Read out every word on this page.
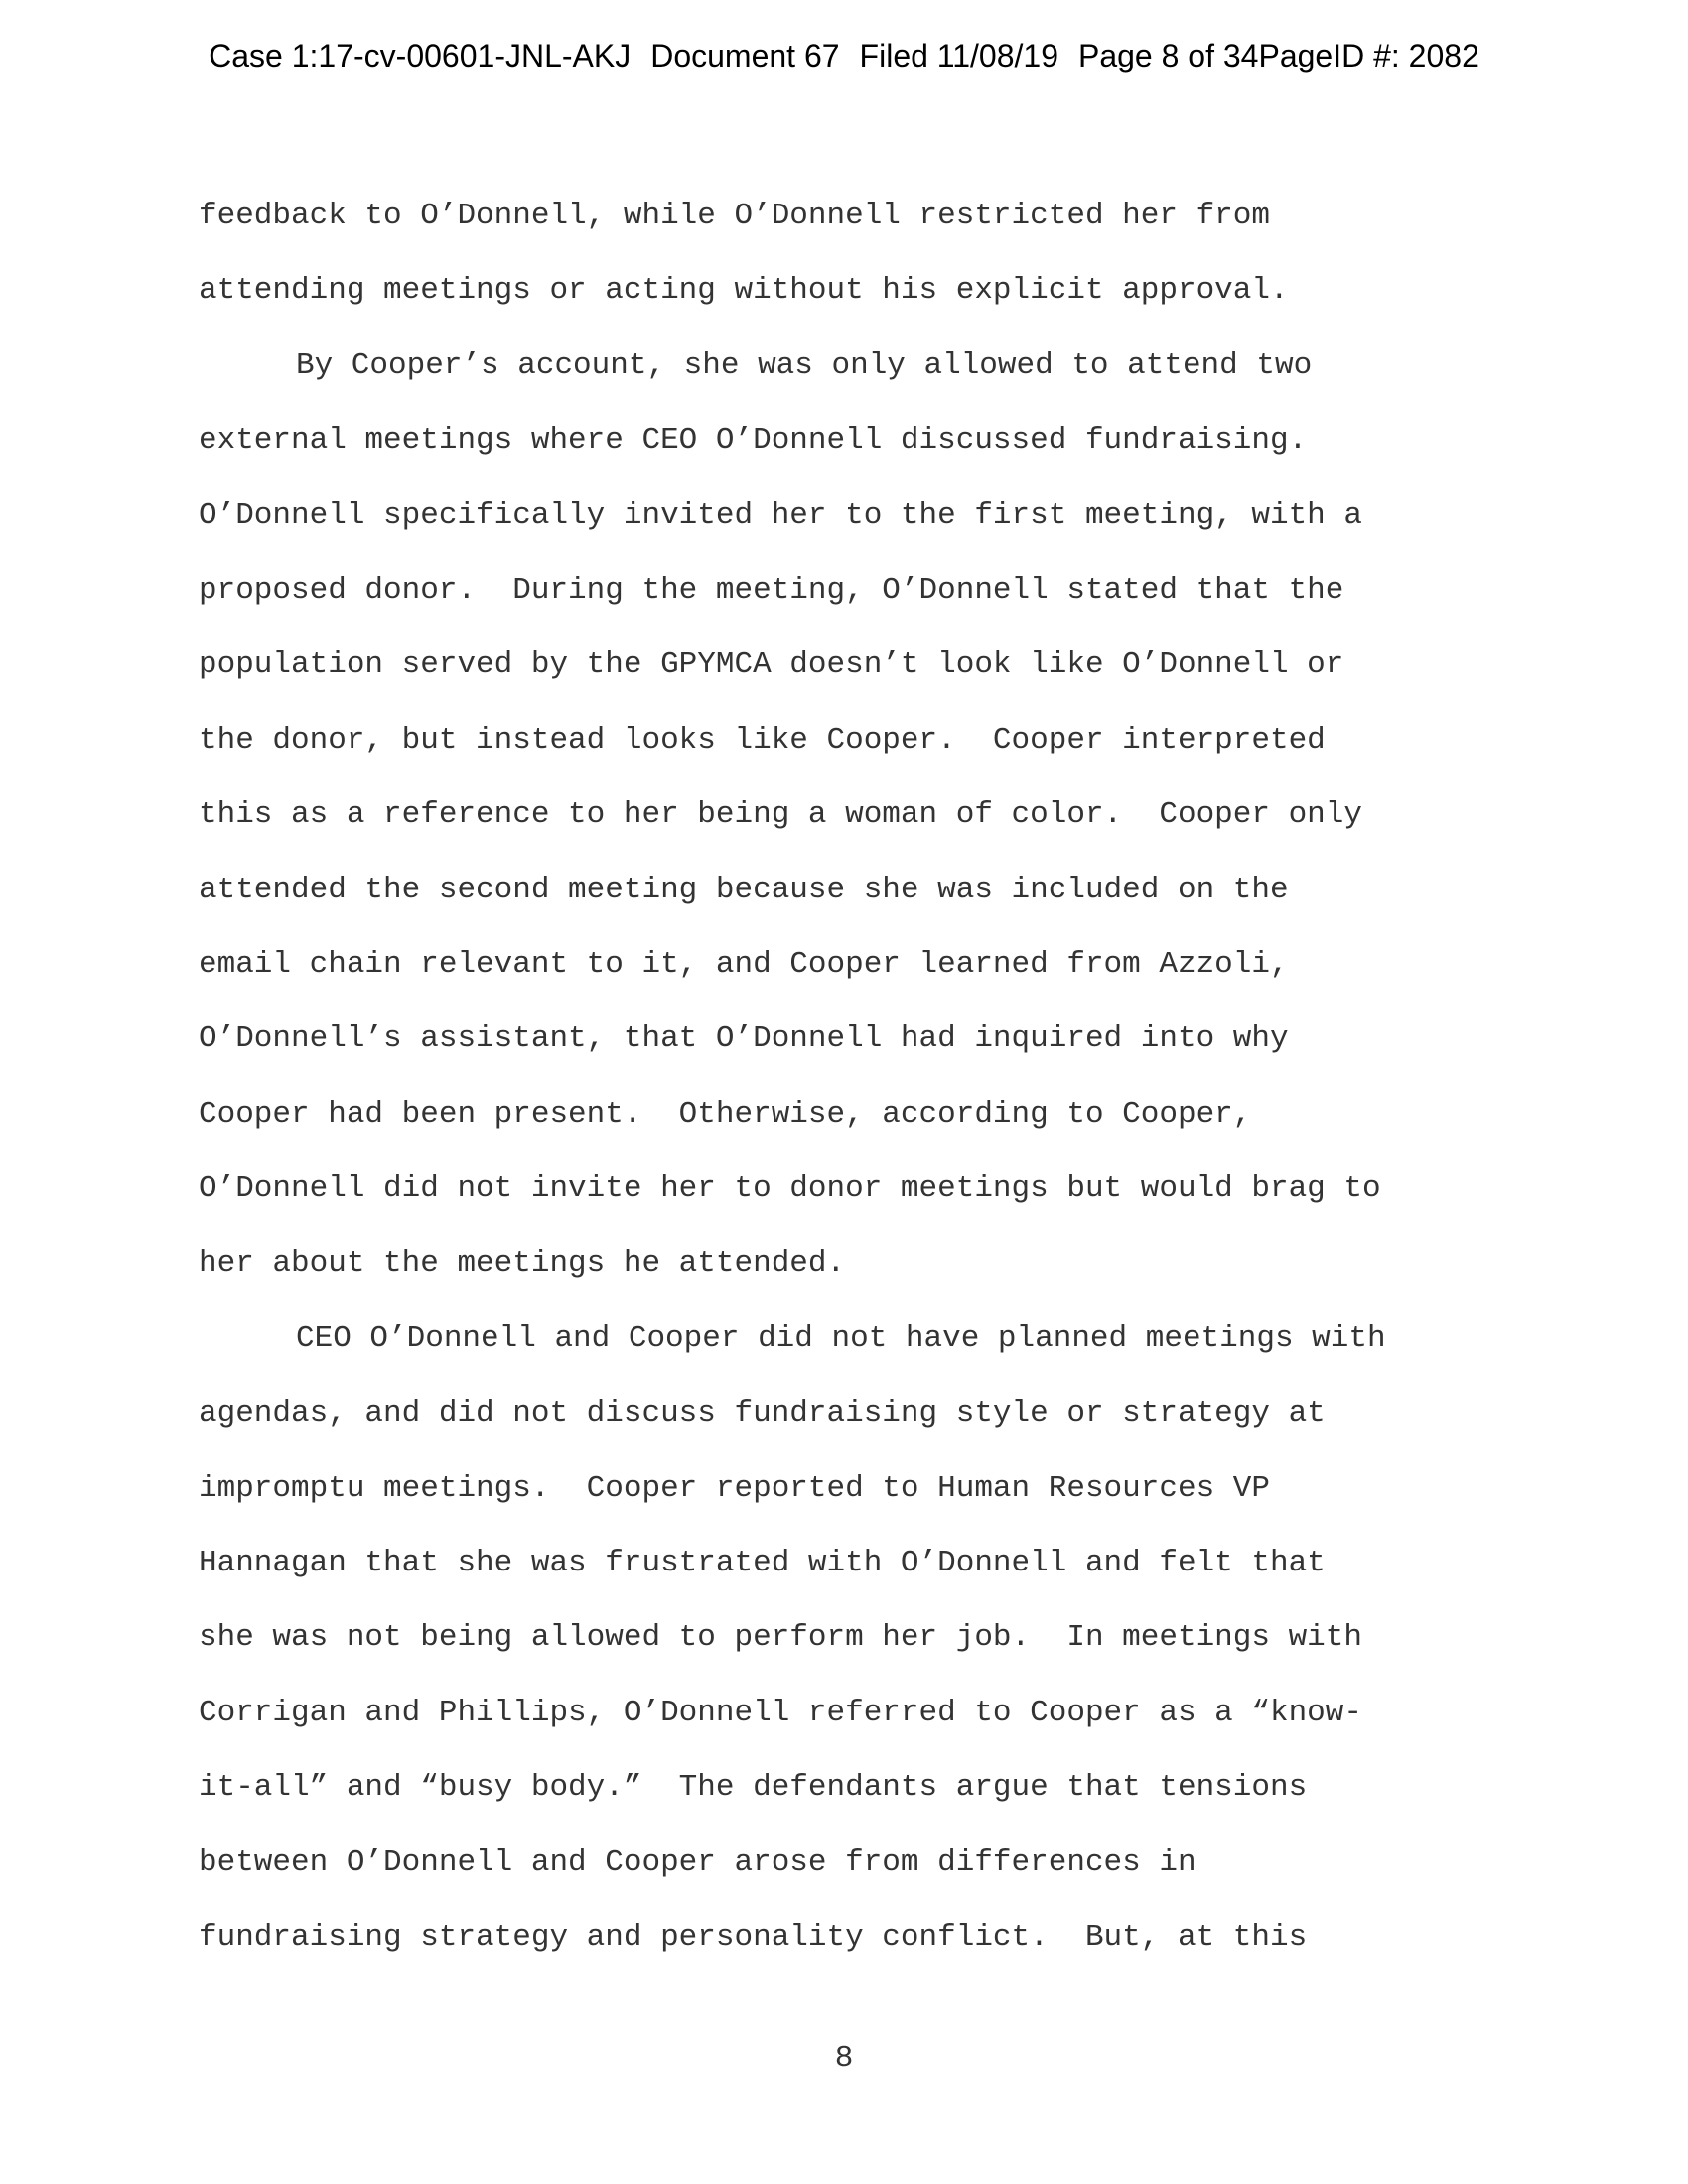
Case 1:17-cv-00601-JNL-AKJ Document 67 Filed 11/08/19 Page 8 of 34PageID #: 2082
feedback to O’Donnell, while O’Donnell restricted her from
attending meetings or acting without his explicit approval.
By Cooper’s account, she was only allowed to attend two
external meetings where CEO O’Donnell discussed fundraising.
O’Donnell specifically invited her to the first meeting, with a
proposed donor.  During the meeting, O’Donnell stated that the
population served by the GPYMCA doesn’t look like O’Donnell or
the donor, but instead looks like Cooper.  Cooper interpreted
this as a reference to her being a woman of color.  Cooper only
attended the second meeting because she was included on the
email chain relevant to it, and Cooper learned from Azzoli,
O’Donnell’s assistant, that O’Donnell had inquired into why
Cooper had been present.  Otherwise, according to Cooper,
O’Donnell did not invite her to donor meetings but would brag to
her about the meetings he attended.
CEO O’Donnell and Cooper did not have planned meetings with
agendas, and did not discuss fundraising style or strategy at
impromptu meetings.  Cooper reported to Human Resources VP
Hannagan that she was frustrated with O’Donnell and felt that
she was not being allowed to perform her job.  In meetings with
Corrigan and Phillips, O’Donnell referred to Cooper as a “know-
it-all” and “busy body.”  The defendants argue that tensions
between O’Donnell and Cooper arose from differences in
fundraising strategy and personality conflict.  But, at this
8
